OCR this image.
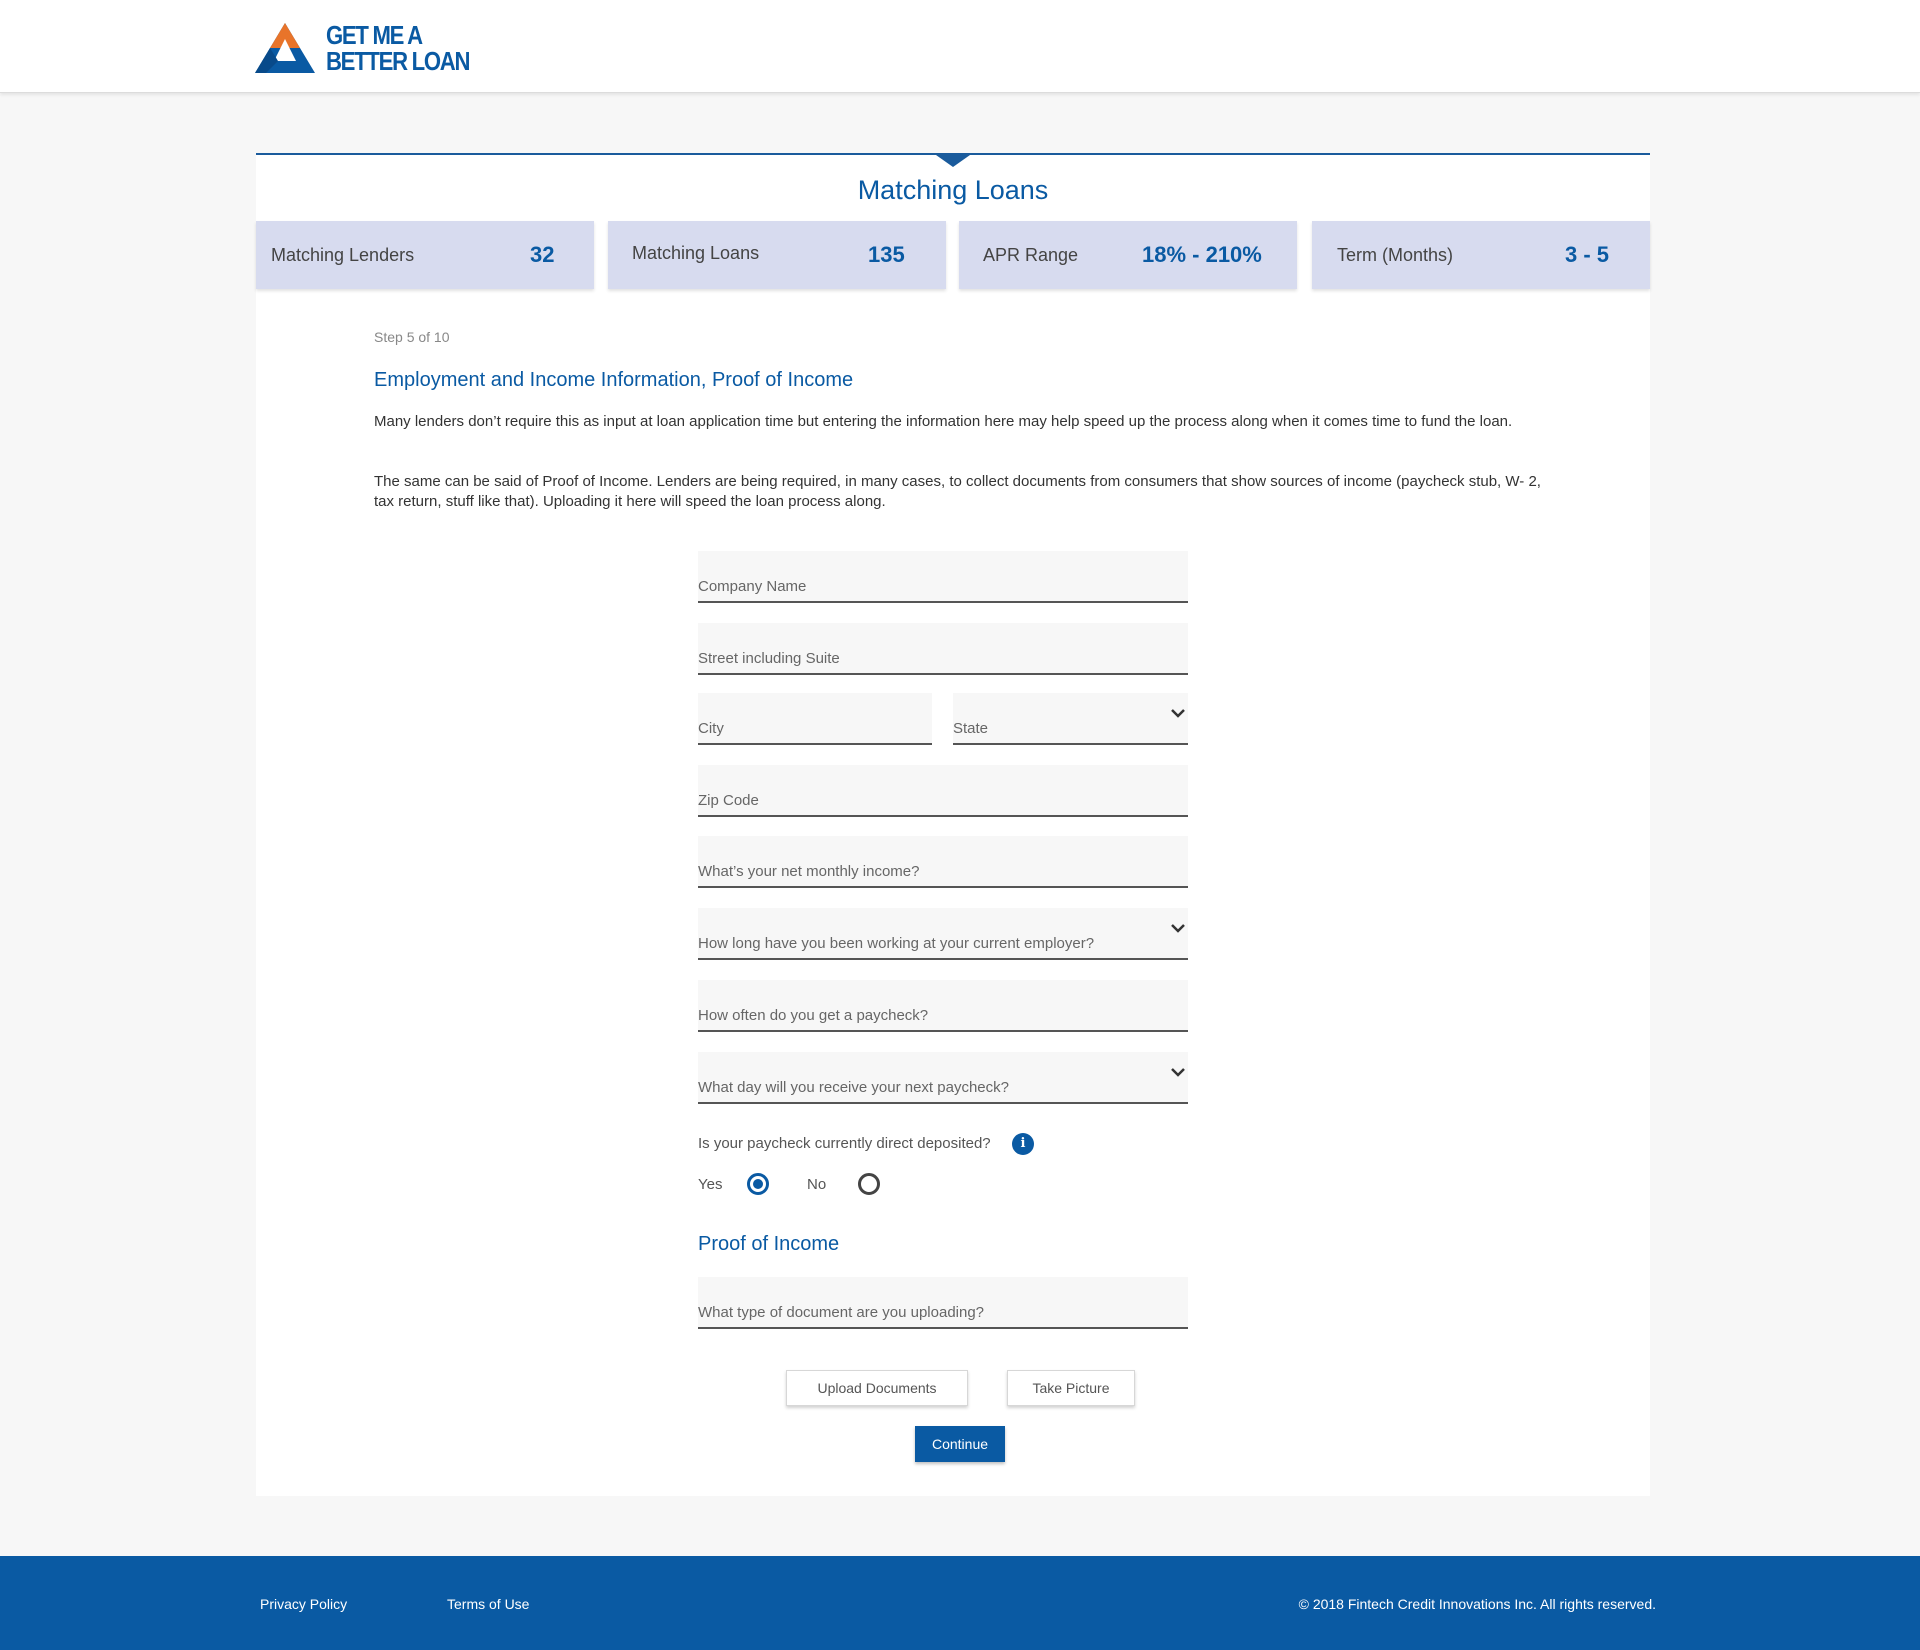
GET ME A
BETTER LOAN
Matching Loans
Matching Lenders	32	Matching Loans	135	APR Range	18% - 210%	Term (Months)	3 - 5
Step 5 of 10
Employment and Income Information, Proof of Income
Many lenders don’t require this as input at loan application time but entering the information here may help speed up the process along when it comes time to fund the loan.
The same can be said of Proof of Income. Lenders are being required, in many cases, to collect documents from consumers that show sources of income (paycheck stub, W- 2, tax return, stuff like that). Uploading it here will speed the loan process along.
Company Name
Street including Suite
City	State
Zip Code
What’s your net monthly income?
How long have you been working at your current employer?
How often do you get a paycheck?
What day will you receive your next paycheck?
Is your paycheck currently direct deposited?	i
Yes	No
Proof of Income
What type of document are you uploading?
Upload Documents	Take Picture
Continue
Privacy Policy	Terms of Use	© 2018 Fintech Credit Innovations Inc. All rights reserved.
